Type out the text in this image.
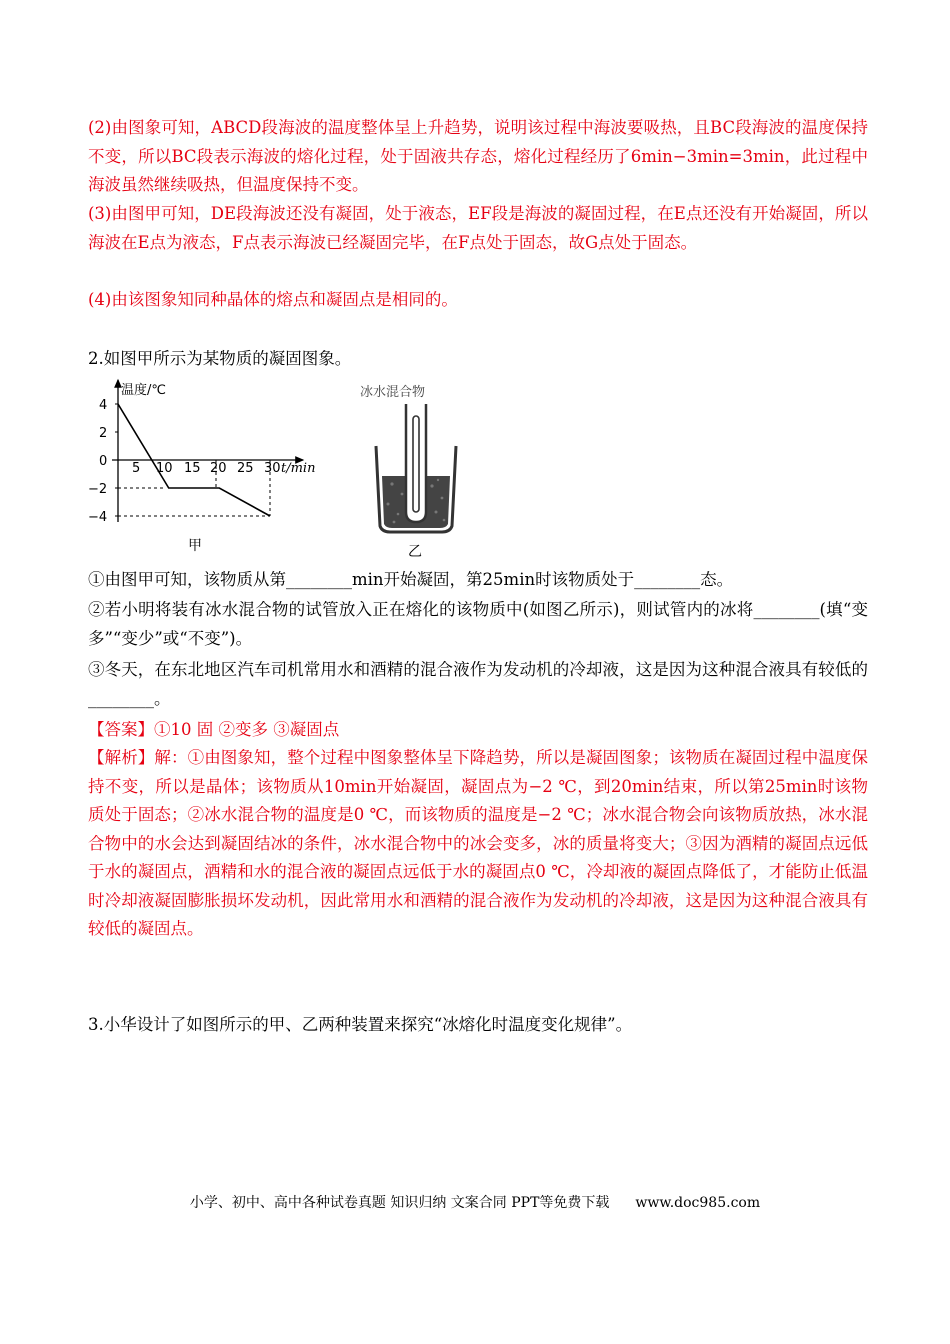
(2)由图象可知，ABCD段海波的温度整体呈上升趋势，说明该过程中海波要吸热，且BC段海波的温度保持不变，所以BC段表示海波的熔化过程，处于固液共存态，熔化过程经历了6min−3min=3min，此过程中海波虽然继续吸热，但温度保持不变。
(3)由图甲可知，DE段海波还没有凝固，处于液态，EF段是海波的凝固过程，在E点还没有开始凝固，所以海波在E点为液态，F点表示海波已经凝固完毕，在F点处于固态，故G点处于固态。
(4)由该图象知同种晶体的熔点和凝固点是相同的。
2.如图甲所示为某物质的凝固图象。
温度/℃
t/min
4
2
0
−2
−4
5 10 15 20 25 30
甲
冰水混合物
乙
①由图甲可知，该物质从第________min开始凝固，第25min时该物质处于________态。
②若小明将装有冰水混合物的试管放入正在熔化的该物质中(如图乙所示)，则试管内的冰将________(填“变多”“变少”或“不变”)。
③冬天，在东北地区汽车司机常用水和酒精的混合液作为发动机的冷却液，这是因为这种混合液具有较低的________。
【答案】①10 固 ②变多 ③凝固点
【解析】解：①由图象知，整个过程中图象整体呈下降趋势，所以是凝固图象；该物质在凝固过程中温度保持不变，所以是晶体；该物质从10min开始凝固，凝固点为−2 ℃，到20min结束，所以第25min时该物质处于固态；②冰水混合物的温度是0 ℃，而该物质的温度是−2 ℃；冰水混合物会向该物质放热，冰水混合物中的水会达到凝固结冰的条件，冰水混合物中的冰会变多，冰的质量将变大；③因为酒精的凝固点远低于水的凝固点，酒精和水的混合液的凝固点远低于水的凝固点0 ℃，冷却液的凝固点降低了，才能防止低温时冷却液凝固膨胀损坏发动机，因此常用水和酒精的混合液作为发动机的冷却液，这是因为这种混合液具有较低的凝固点。
3.小华设计了如图所示的甲、乙两种装置来探究“冰熔化时温度变化规律”。
小学、初中、高中各种试卷真题 知识归纳 文案合同 PPT等免费下载 www.doc985.com
